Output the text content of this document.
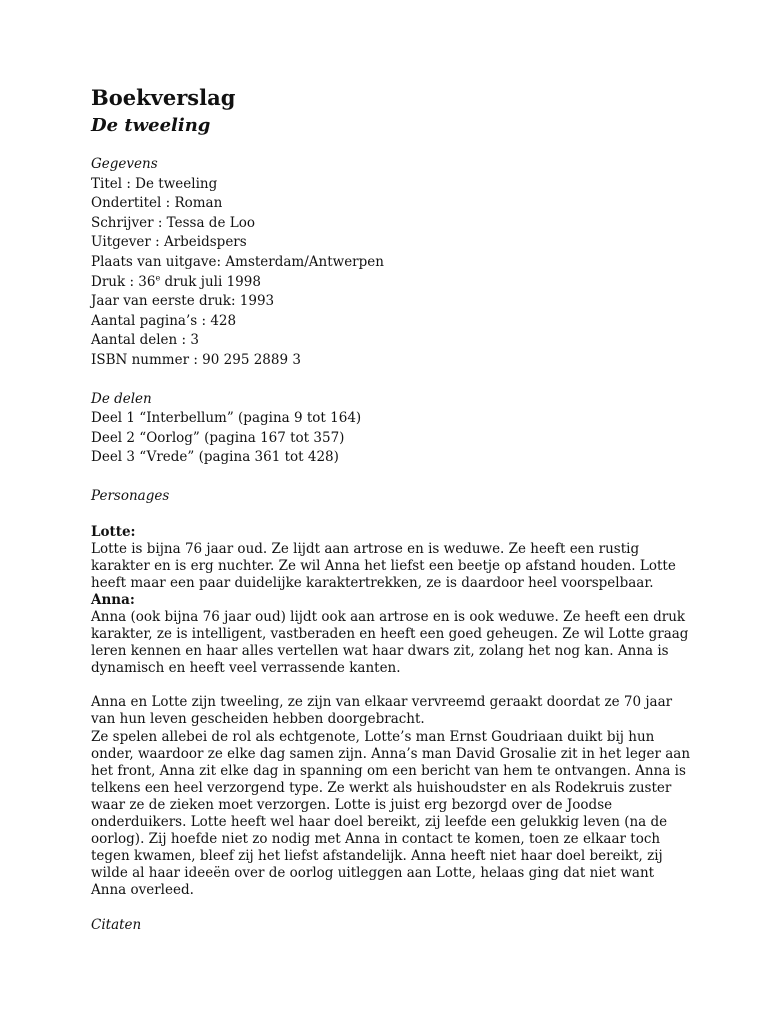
Boekverslag
De tweeling

Gegevens

Titel : De tweeling

Ondertitel : Roman

Schrijver : Tessa de Loo

Uitgever : Arbeidspers

Plaats van uitgave: Amsterdam/Antwerpen

Druk : 36e druk juli 1998

Jaar van eerste druk: 1993

Aantal pagina’s : 428

Aantal delen : 3

ISBN nummer : 90 295 2889 3

De delen

Deel 1 “Interbellum” (pagina 9 tot 164)

Deel 2 “Oorlog” (pagina 167 tot 357)

Deel 3 “Vrede” (pagina 361 tot 428)

Personages

Lotte:

Lotte is bijna 76 jaar oud. Ze lijdt aan artrose en is weduwe. Ze heeft een rustig karakter en is erg nuchter. Ze wil Anna het liefst een beetje op afstand houden. Lotte heeft maar een paar duidelijke karaktertrekken, ze is daardoor heel voorspelbaar.

Anna:

Anna (ook bijna 76 jaar oud) lijdt ook aan artrose en is ook weduwe. Ze heeft een druk karakter, ze is intelligent, vastberaden en heeft een goed geheugen. Ze wil Lotte graag leren kennen en haar alles vertellen wat haar dwars zit, zolang het nog kan. Anna is dynamisch en heeft veel verrassende kanten.

Anna en Lotte zijn tweeling, ze zijn van elkaar vervreemd geraakt doordat ze 70 jaar van hun leven gescheiden hebben doorgebracht.

Ze spelen allebei de rol als echtgenote, Lotte’s man Ernst Goudriaan duikt bij hun onder, waardoor ze elke dag samen zijn. Anna’s man David Grosalie zit in het leger aan het front, Anna zit elke dag in spanning om een bericht van hem te ontvangen. Anna is telkens een heel verzorgend type. Ze werkt als huishoudster en als Rodekruis zuster waar ze de zieken moet verzorgen. Lotte is juist erg bezorgd over de Joodse onderduikers. Lotte heeft wel haar doel bereikt, zij leefde een gelukkig leven (na de oorlog). Zij hoefde niet zo nodig met Anna in contact te komen, toen ze elkaar toch tegen kwamen, bleef zij het liefst afstandelijk. Anna heeft niet haar doel bereikt, zij wilde al haar ideeën over de oorlog uitleggen aan Lotte, helaas ging dat niet want Anna overleed.

Citaten
